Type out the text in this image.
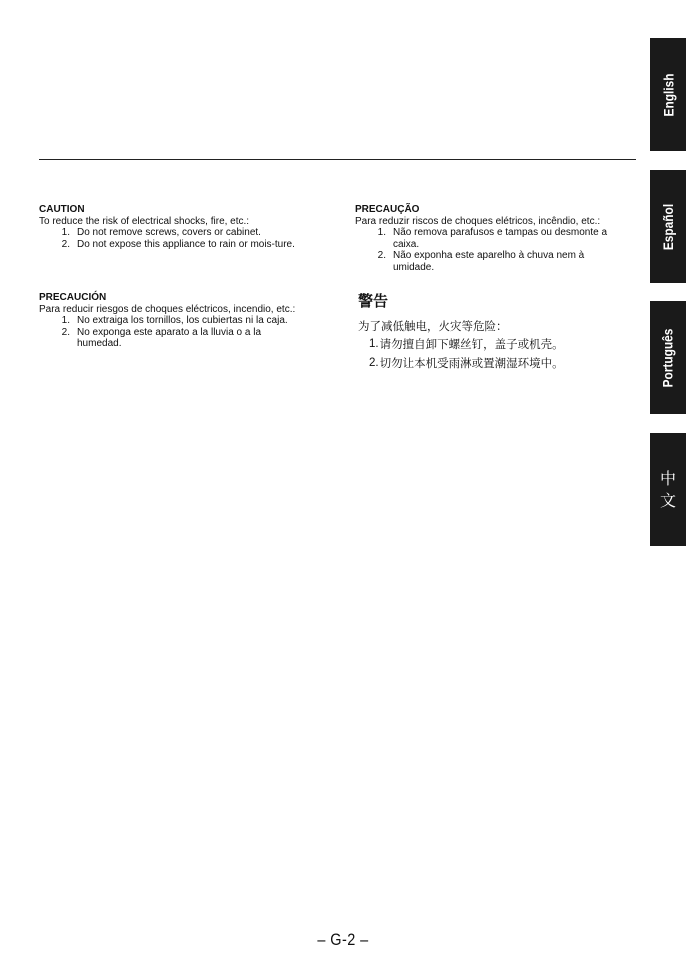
CAUTION

To reduce the risk of electrical shocks, fire, etc.:

1. Do not remove screws, covers or cabinet.
2. Do not expose this appliance to rain or mois-ture.

PRECAUCIÓN

Para reducir riesgos de choques eléctricos, incendio, etc.:

1. No extraiga los tornillos, los cubiertas ni la caja.
2. No exponga este aparato a la lluvia o a la humedad.

PRECAUÇÃO

Para reduzir riscos de choques elétricos, incêndio, etc.:

1. Não remova parafusos e tampas ou desmonte a caixa.
2. Não exponha este aparelho à chuva nem à umidade.

警告

为了减低触电，火灾等危险：

1. 请勿擅自卸下螺丝钉，盖子或机壳。
2. 切勿让本机受雨淋或置潮湿环境中。
English
Español
Português
中文
– G-2 –
